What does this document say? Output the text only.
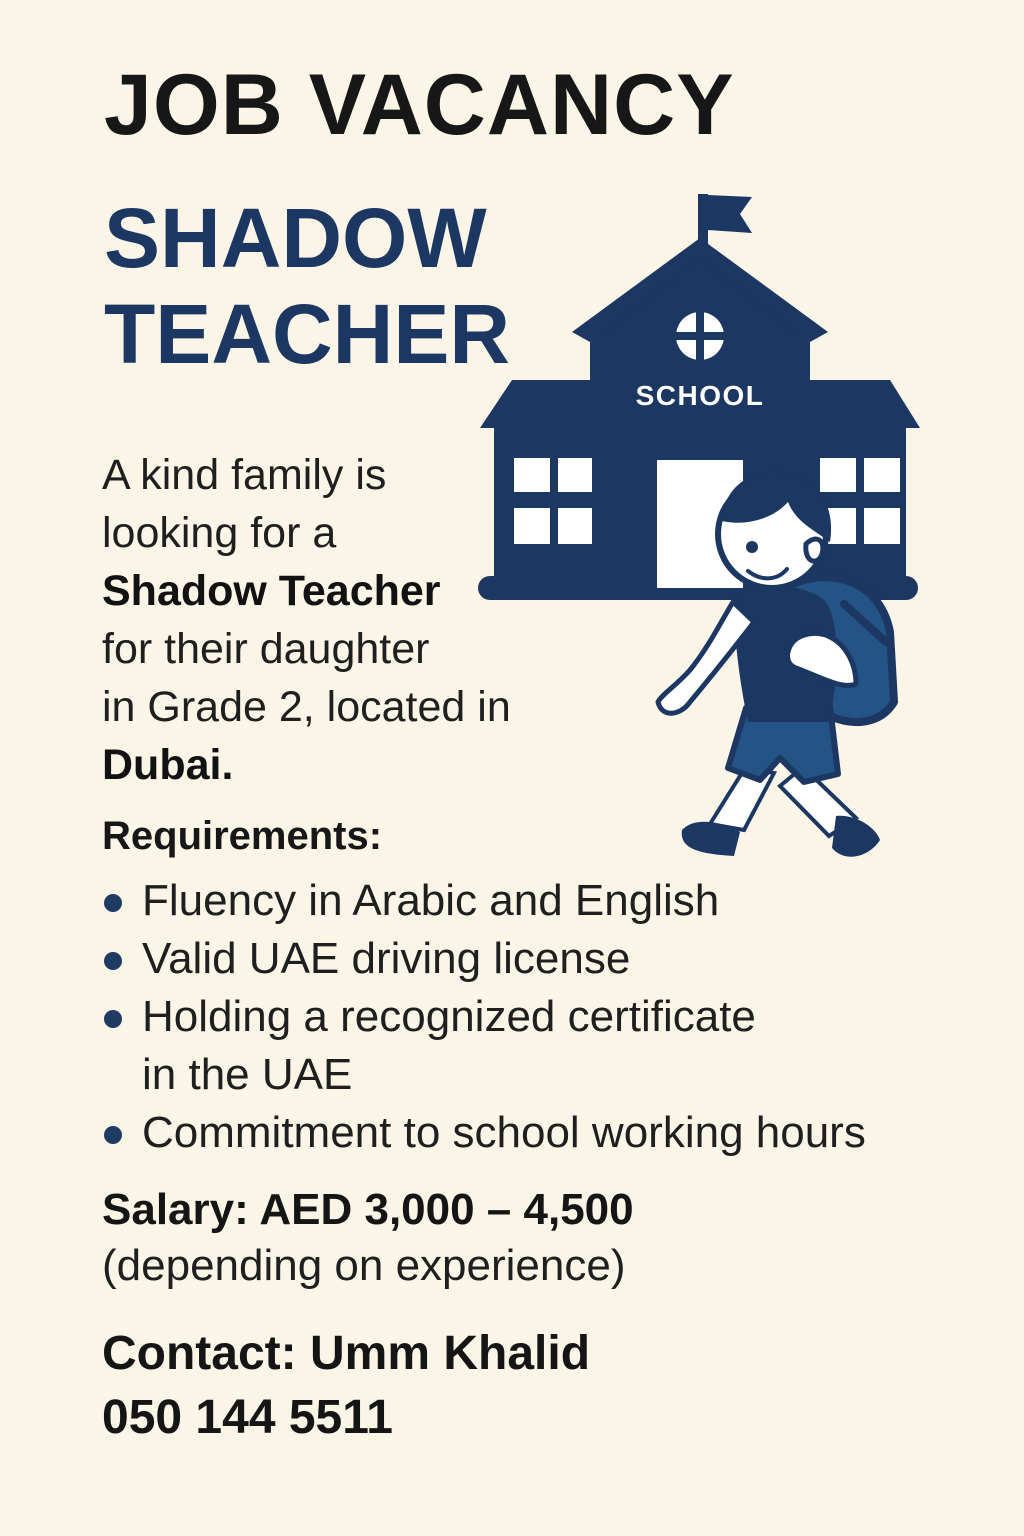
JOB VACANCY
SHADOW
TEACHER
SCHOOL

A kind family is
looking for a
Shadow Teacher
for their daughter
in Grade 2, located in
Dubai.

Requirements:
Fluency in Arabic and English
Valid UAE driving license
Holding a recognized certificate
in the UAE
Commitment to school working hours

Salary: AED 3,000 – 4,500
(depending on experience)

Contact: Umm Khalid
050 144 5511
